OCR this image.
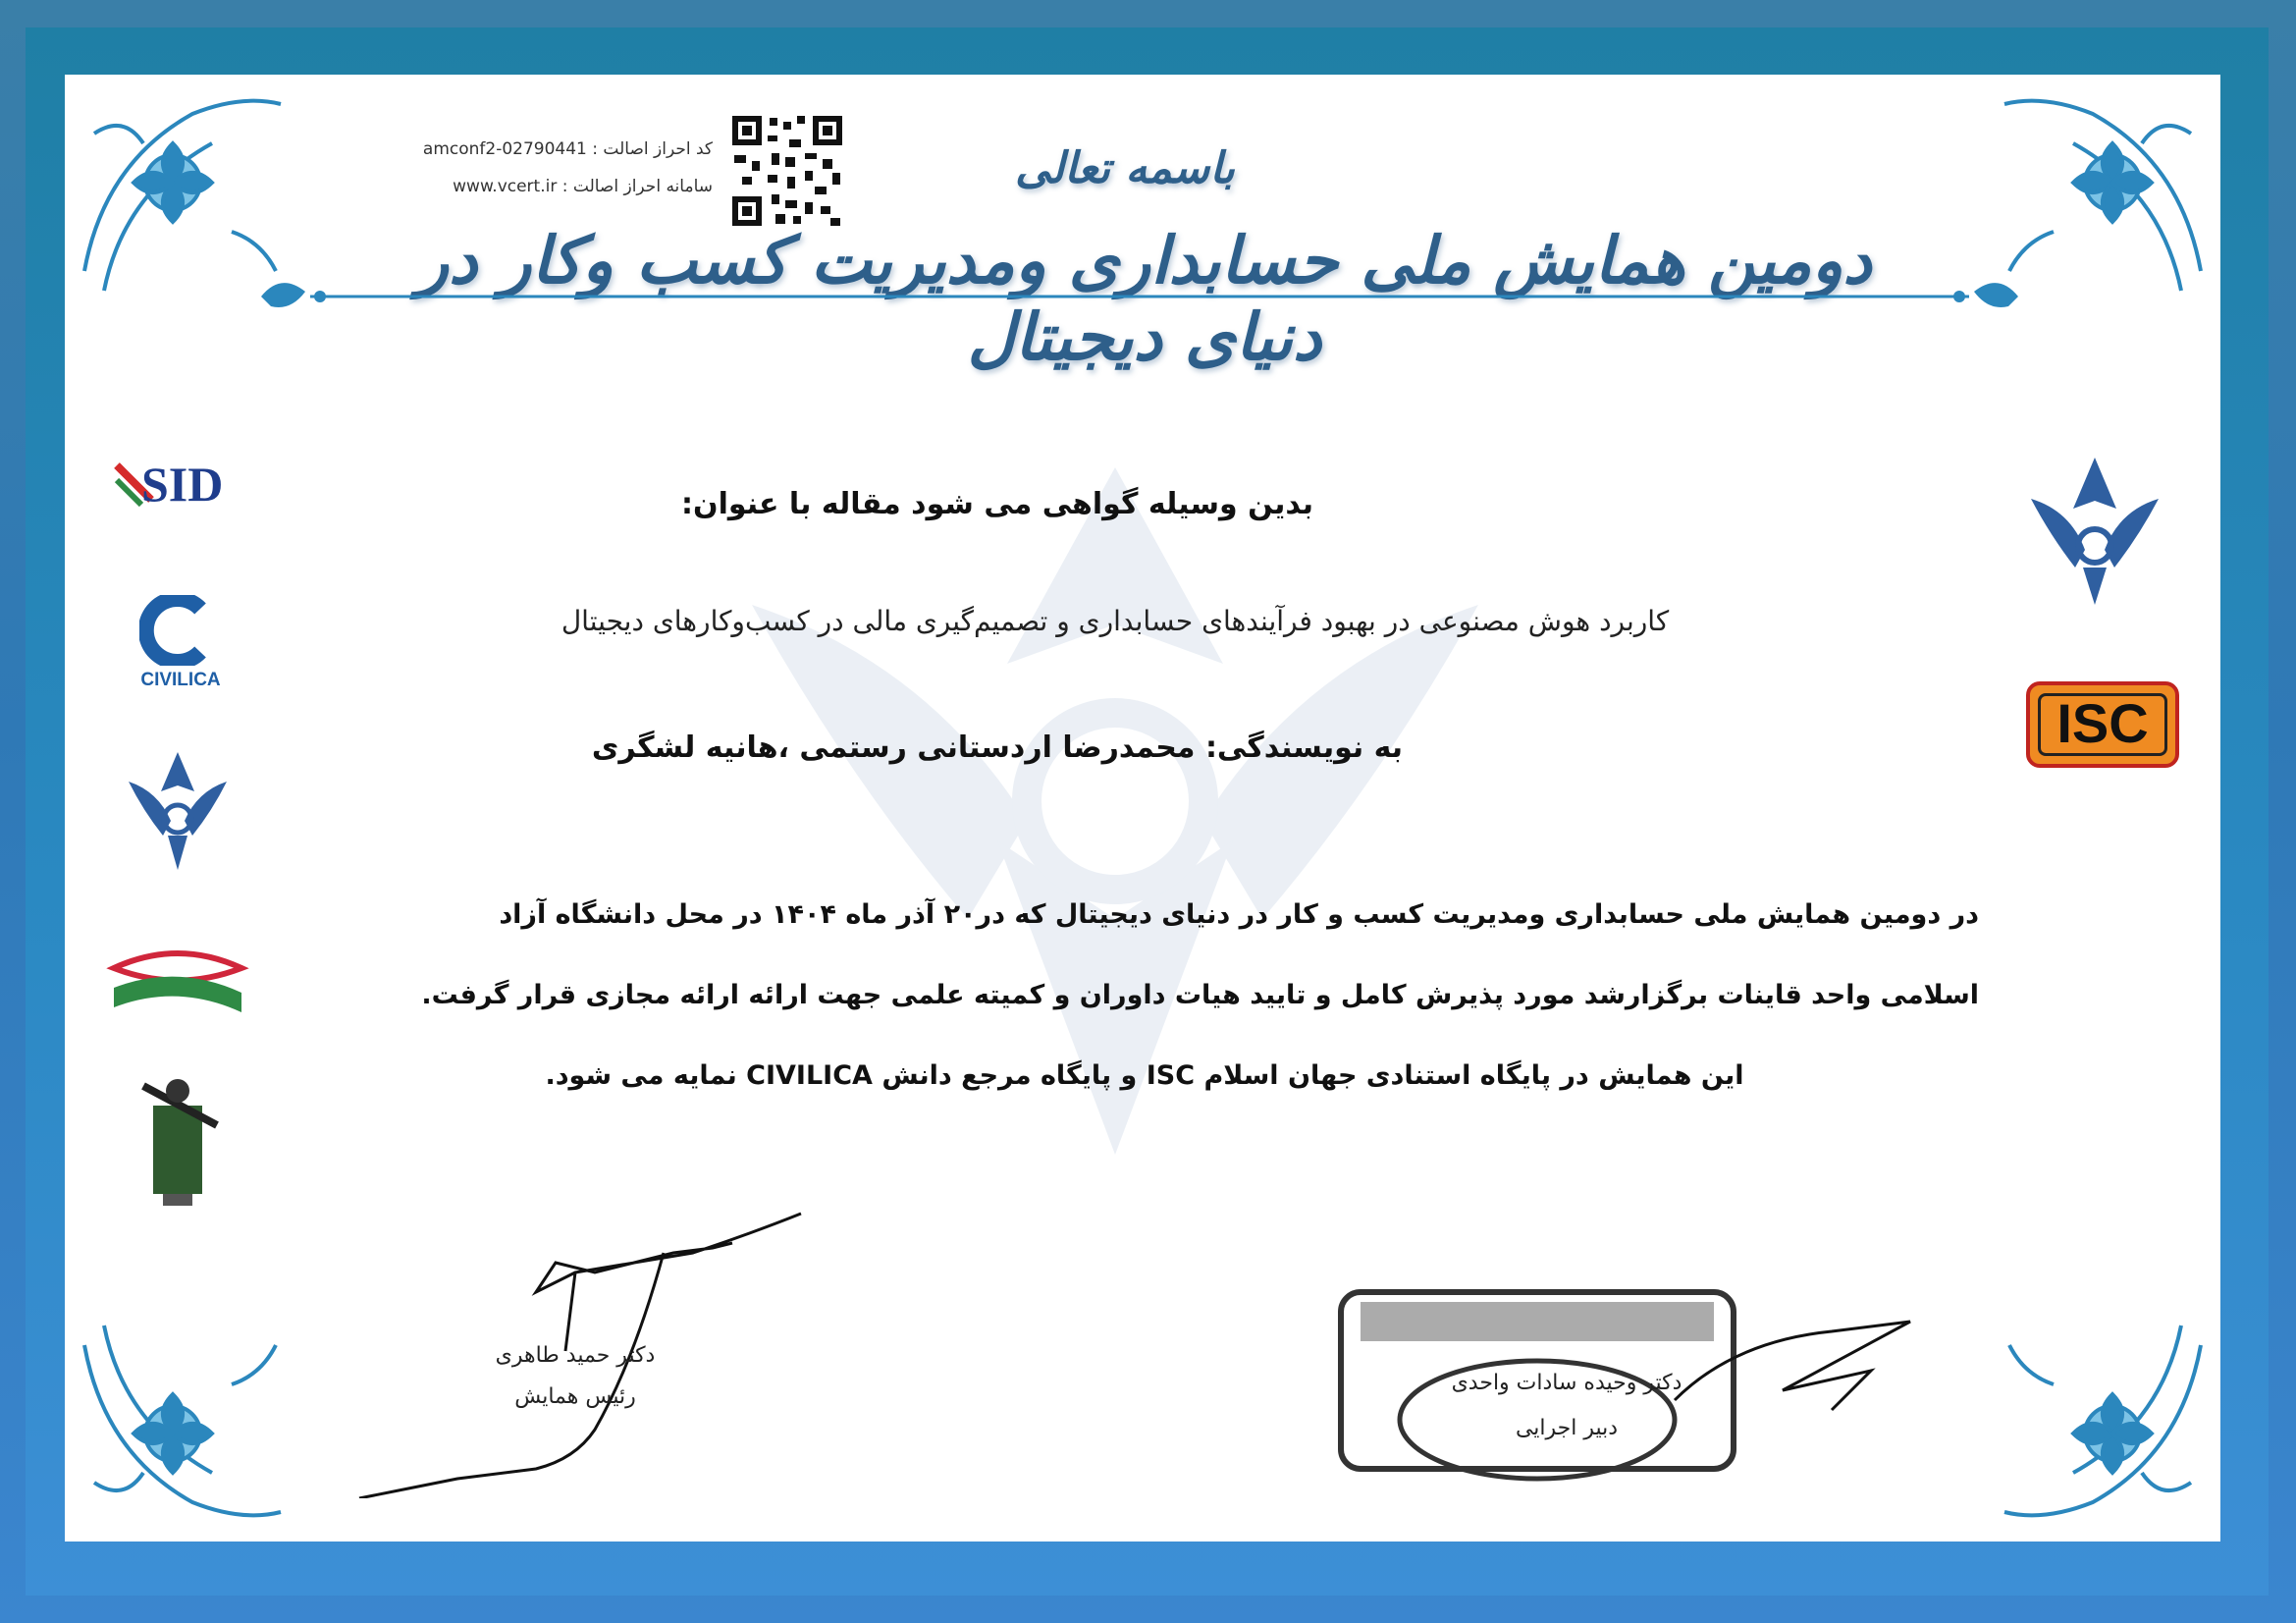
کد احراز اصالت : amconf2-02790441
سامانه احراز اصالت : www.vcert.ir	باسمه تعالی
دومین همایش ملی حسابداری ومدیریت کسب وکار در دنیای دیجیتال
بدین وسیله گواهی می شود مقاله با عنوان:
کاربرد هوش مصنوعی در بهبود فرآیندهای حسابداری و تصمیم‌گیری مالی در کسب‌وکارهای دیجیتال
به نویسندگی: محمدرضا اردستانی رستمی ،هانیه لشگری
در دومین همایش ملی حسابداری ومدیریت کسب و کار در دنیای دیجیتال که در۲۰ آذر ماه ۱۴۰۴ در محل دانشگاه آزاد
اسلامی واحد قاینات برگزارشد مورد پذیرش کامل و تایید هیات داوران و کمیته علمی جهت ارائه ارائه مجازی قرار گرفت.
این همایش در پایگاه استنادی جهان اسلام ISC و پایگاه مرجع دانش CIVILICA نمایه می شود.
SID
CIVILICA
ISC
دکتر حمید طاهری
رئیس همایش
دکتر وحیده سادات واحدی
دبیر اجرایی
